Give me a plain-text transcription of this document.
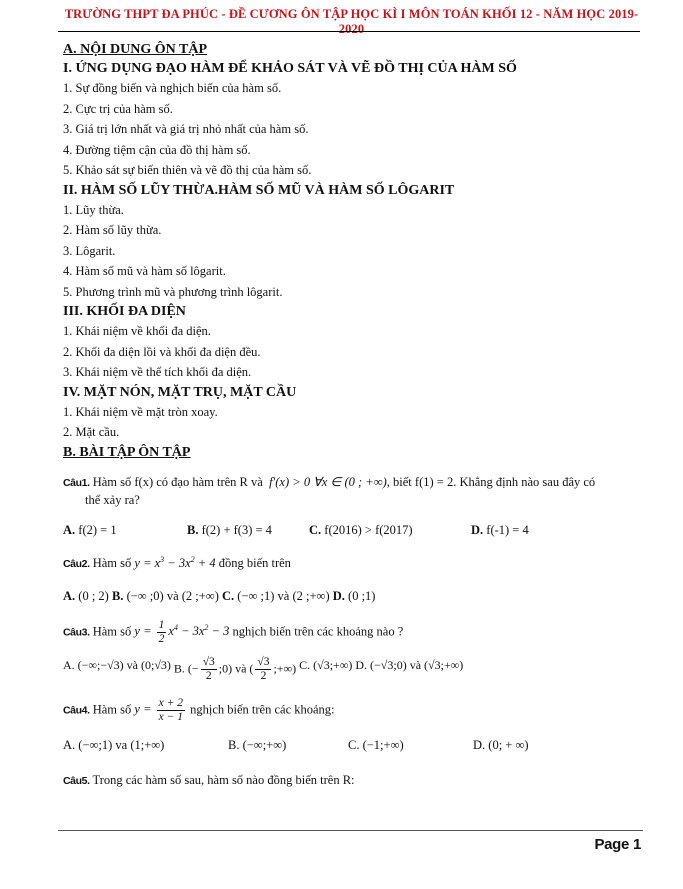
TRƯỜNG THPT ĐA PHÚC - ĐỀ CƯƠNG ÔN TẬP HỌC KÌ I MÔN TOÁN KHỐI 12 - NĂM HỌC 2019-2020
A. NỘI DUNG ÔN TẬP
I. ỨNG DỤNG ĐẠO HÀM ĐỂ KHẢO SÁT VÀ VẼ ĐỒ THỊ CỦA HÀM SỐ
1. Sự đồng biến và nghịch biến của hàm số.
2. Cực trị của hàm số.
3. Giá trị lớn nhất và giá trị nhỏ nhất của hàm số.
4. Đường tiệm cận của đồ thị hàm số.
5. Khảo sát sự biến thiên và vẽ đồ thị của hàm số.
II. HÀM SỐ LŨY THỪA.HÀM SỐ MŨ VÀ HÀM SỐ LÔGARIT
1. Lũy thừa.
2. Hàm số lũy thừa.
3. Lôgarit.
4. Hàm số mũ và hàm số lôgarit.
5. Phương trình mũ và phương trình lôgarit.
III. KHỐI ĐA DIỆN
1. Khái niệm về khối đa diện.
2. Khối đa diện lồi và khối đa diện đều.
3. Khái niệm về thể tích khối đa diện.
IV. MẶT NÓN, MẶT TRỤ, MẶT CẦU
1. Khái niệm về mặt tròn xoay.
2. Mặt cầu.
B. BÀI TẬP ÔN TẬP
Câu1. Hàm số f(x) có đạo hàm trên R và  f′(x) > 0 ∀x ∈ (0 ; +∞), biết f(1) = 2. Khẳng định nào sau đây có
thể xảy ra?
A. f(2) = 1	B. f(2) + f(3) = 4	C. f(2016) > f(2017)	D. f(-1) = 4
Câu2. Hàm số $y = x^3 - 3x^2 + 4$ đồng biến trên
A. (0 ; 2) B. (−∞ ;0) và (2 ;+∞) C. (−∞ ;1) và (2 ;+∞) D. (0 ;1)
Câu3. Hàm số $y = \frac{1}{2} x^4 - 3x^2 - 3$ nghịch biến trên các khoảng nào ?
A. (−∞;−√3) và (0;√3) B. (− $\frac{√3}{2}$ ;0) và ( $\frac{√3}{2}$ ;+∞) C. (√3;+∞) D. (−√3;0) và (√3;+∞)
Câu4. Hàm số $y = \frac{x + 2}{x - 1}$ nghịch biến trên các khoảng:
A. (−∞;1) va (1;+∞)	B. (−∞;+∞)	C. (−1;+∞)	D. (0; + ∞)
Câu5. Trong các hàm số sau, hàm số nào đồng biến trên R:
Page 1
